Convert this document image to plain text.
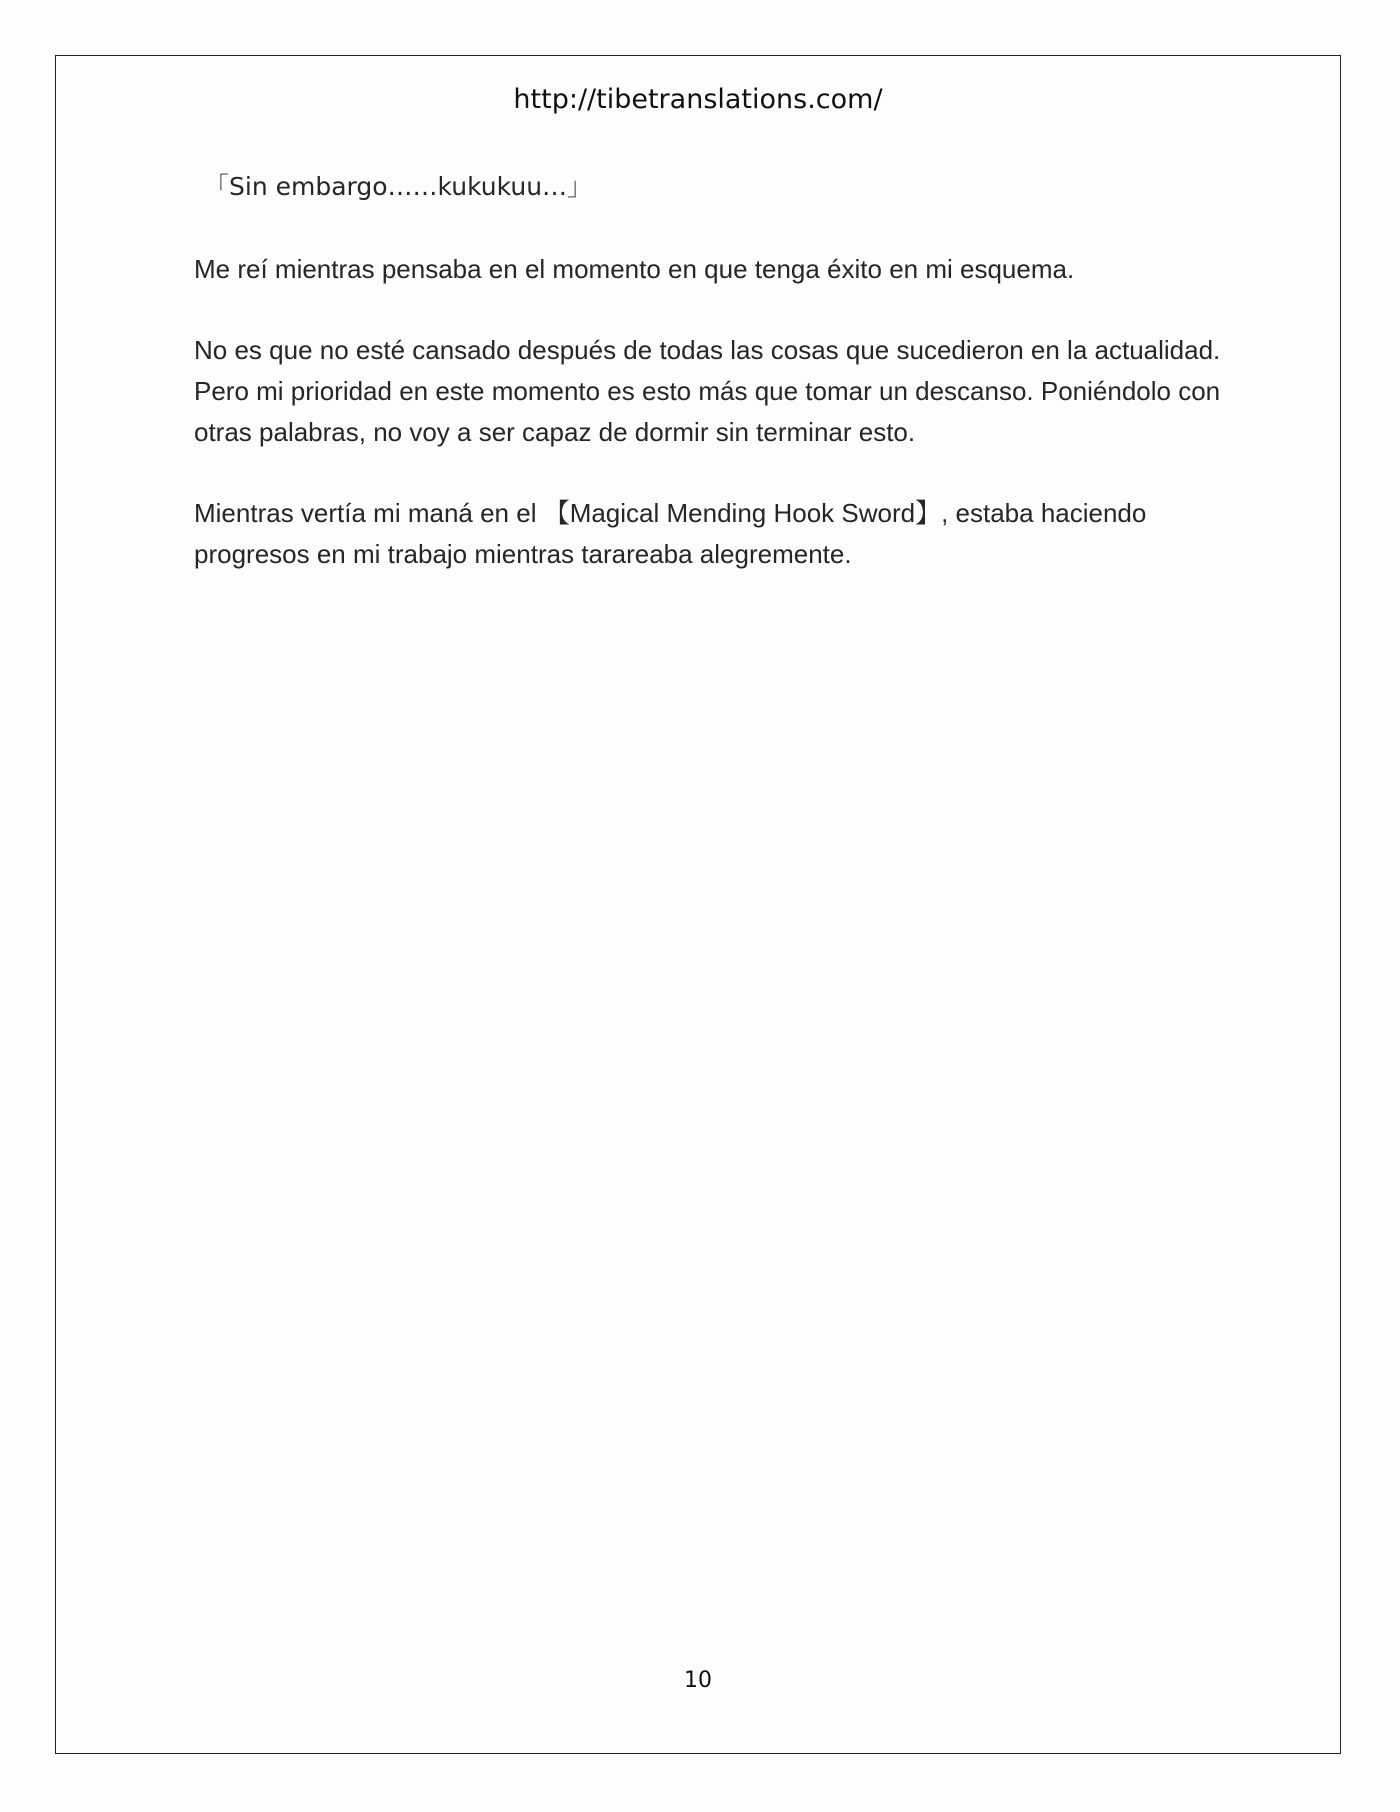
http://tibetranslations.com/

「Sin embargo……kukukuu…」

Me reí mientras pensaba en el momento en que tenga éxito en mi esquema.

No es que no esté cansado después de todas las cosas que sucedieron en la actualidad. Pero mi prioridad en este momento es esto más que tomar un descanso. Poniéndolo con otras palabras, no voy a ser capaz de dormir sin terminar esto.

Mientras vertía mi maná en el 【Magical Mending Hook Sword】, estaba haciendo progresos en mi trabajo mientras tarareaba alegremente.

10
